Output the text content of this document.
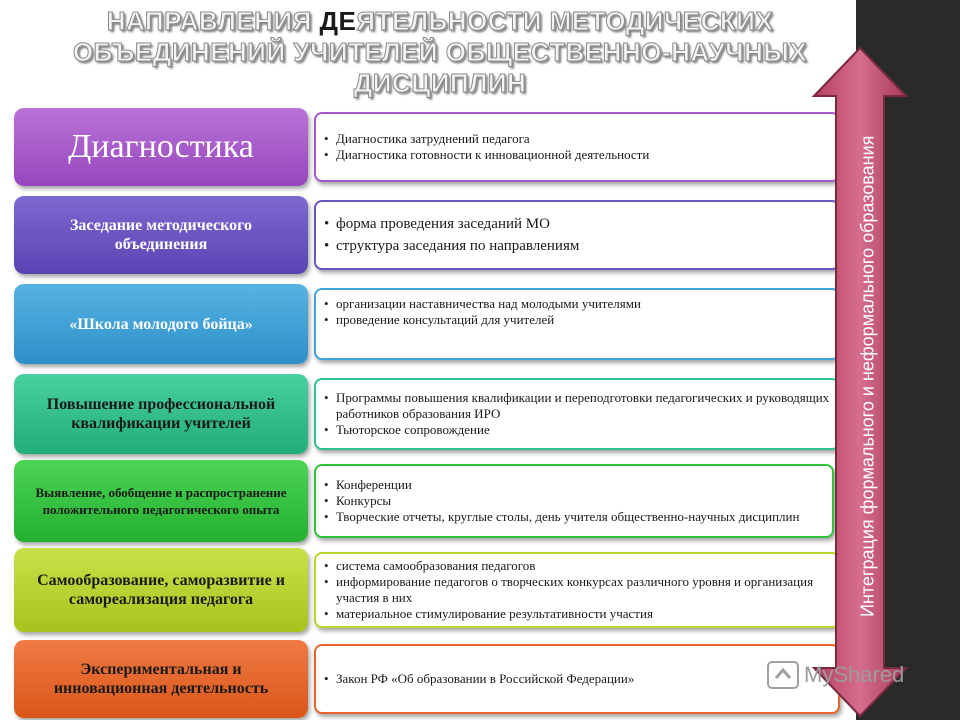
НАПРАВЛЕНИЯ ДЕЯТЕЛЬНОСТИ МЕТОДИЧЕСКИХ
ОБЪЕДИНЕНИЙ УЧИТЕЛЕЙ ОБЩЕСТВЕННО-НАУЧНЫХ
ДИСЦИПЛИН
Диагностика
•	Диагностика затруднений педагога
• Диагностика готовности к инновационной деятельности
Заседание методического объединения
• форма проведения заседаний МО
• структура заседания по направлениям
«Школа молодого бойца»
• организации наставничества над молодыми учителями
• проведение консультаций для учителей
Повышение профессиональной квалификации учителей
• Программы повышения квалификации и переподготовки педагогических и руководящих работников образования ИРО
• Тьюторское сопровождение
Выявление, обобщение и распространение положительного педагогического опыта
• Конференции
• Конкурсы
• Творческие отчеты, круглые столы, день учителя общественно-научных дисциплин
Самообразование, саморазвитие и самореализация педагога
• система самообразования педагогов
• информирование педагогов о творческих конкурсах различного уровня и организация участия в них
• материальное стимулирование результативности участия
Экспериментальная и инновационная деятельность
• Закон РФ «Об образовании в Российской Федерации»
Интеграция формального и неформального образования
MyShared
